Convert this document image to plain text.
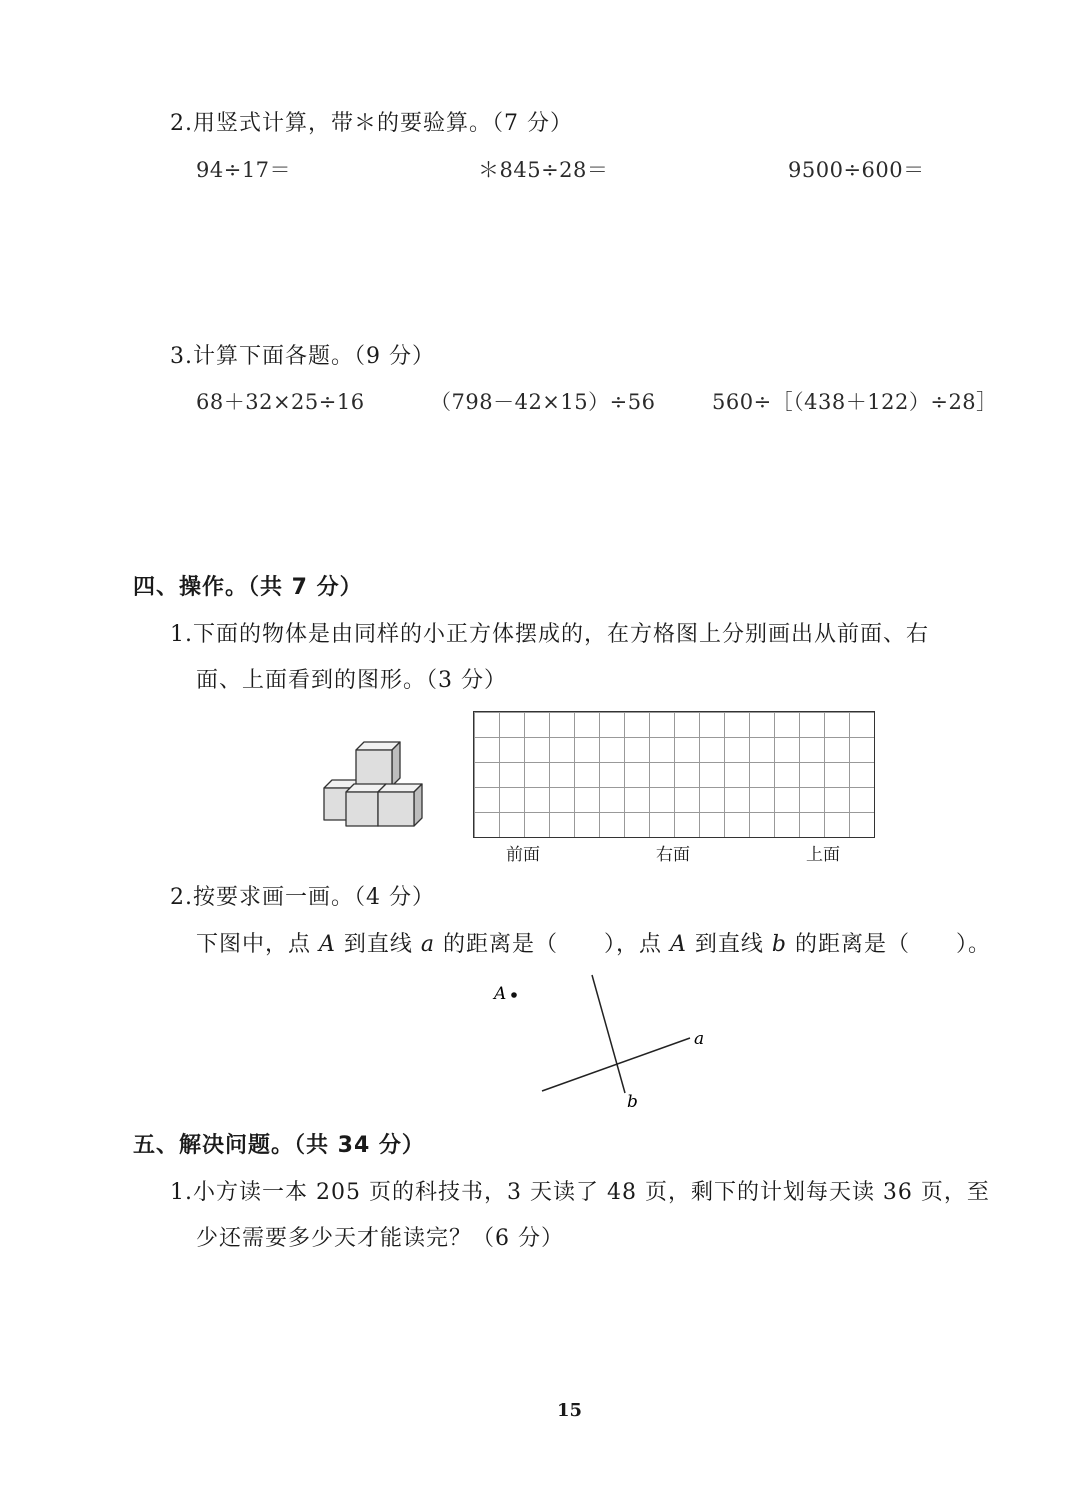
2.用竖式计算，带＊的要验算。（7 分）
94÷17＝	＊845÷28＝	9500÷600＝
3.计算下面各题。（9 分）
68＋32×25÷16	（798－42×15）÷56	560÷［（438＋122）÷28］
四、操作。（共 7 分）
1.下面的物体是由同样的小正方体摆成的，在方格图上分别画出从前面、右
面、上面看到的图形。（3 分）
前面	右面	上面
2.按要求画一画。（4 分）
下图中，点 A 到直线 a 的距离是（　　），点 A 到直线 b 的距离是（　　）。
A
a
b
五、解决问题。（共 34 分）
1.小方读一本 205 页的科技书，3 天读了 48 页，剩下的计划每天读 36 页，至
少还需要多少天才能读完？（6 分）
15
